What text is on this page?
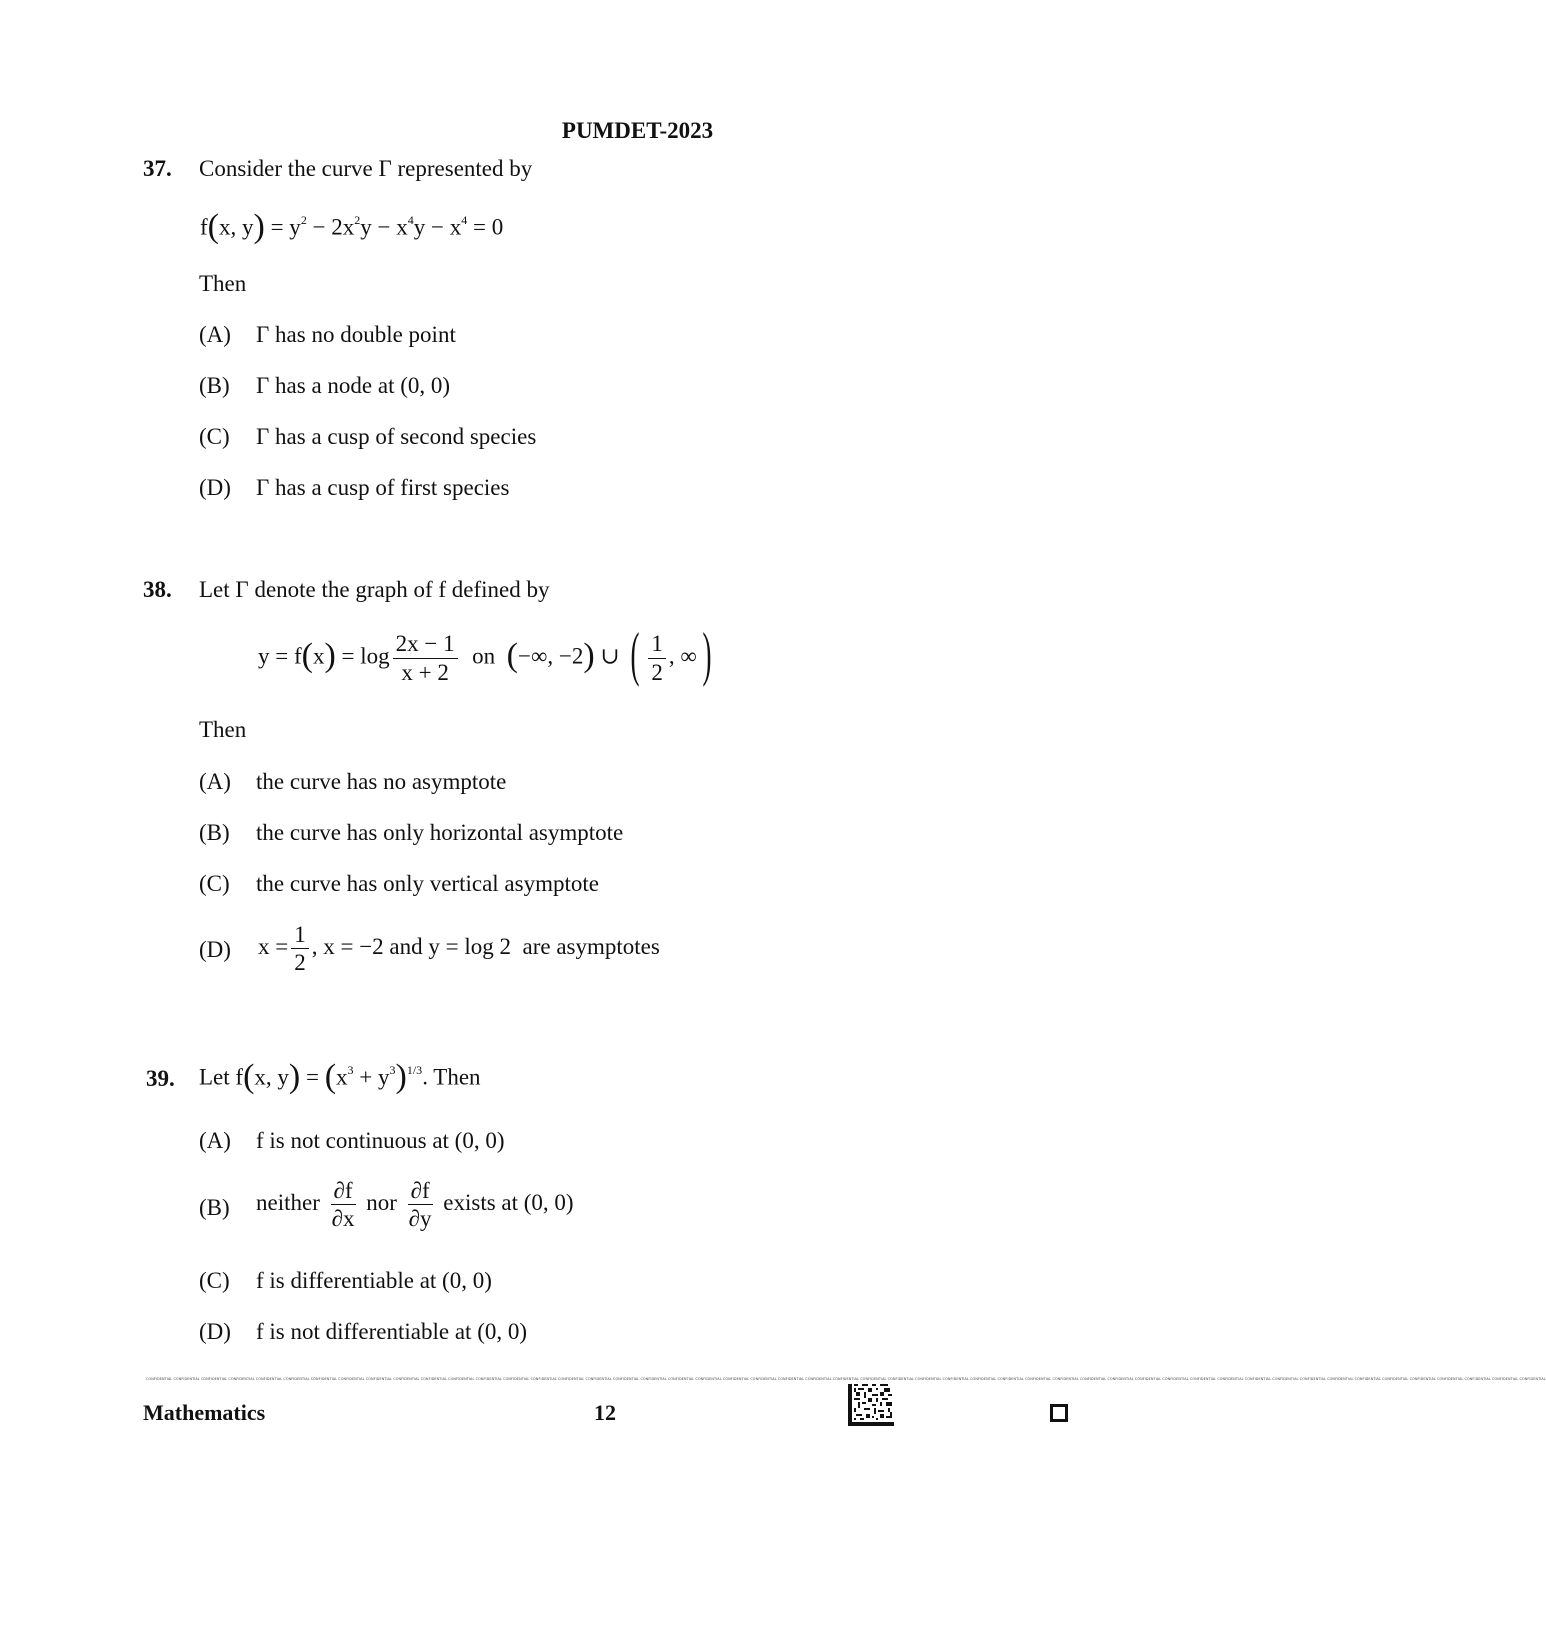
PUMDET-2023
37. Consider the curve Γ represented by
f(x, $y) = y^2 - 2x^2y - x^4y - x^4 = 0$
Then
(A) Γ has no double point
(B) Γ has a node at (0, 0)
(C) Γ has a cusp of second species
(D) Γ has a cusp of first species
38. Let Γ denote the graph of f defined by
$y = f(x) = \log \frac{2x - 1}{x + 2}$ on  (−∞, −2) ∪ ( $\frac{1}{2}$ , ∞)
Then
(A) the curve has no asymptote
(B) the curve has only horizontal asymptote
(C) the curve has only vertical asymptote
(D) $x = \frac{1}{2}$ , x = −2 and y = log 2  are asymptotes
39. Let f(x, $y) = (x^3 + y^3)^{1/3}$. Then
(A) f is not continuous at (0, 0)
(B) neither $\frac{\partial f}{\partial x}$ nor $\frac{\partial f}{\partial y}$ exists at (0, 0)
(C) f is differentiable at (0, 0)
(D) f is not differentiable at (0, 0)
CONFIDENTIAL CONFIDENTIAL CONFIDENTIAL CONFIDENTIAL CONFIDENTIAL CONFIDENTIAL CONFIDENTIAL CONFIDENTIAL CONFIDENTIAL CONFIDENTIAL CONFIDENTIAL CONFIDENTIAL CONFIDENTIAL CONFIDENTIAL CONFIDENTIAL CONFIDENTIAL CONFIDENTIAL CONFIDENTIAL CONFIDENTIAL CONFIDENTIAL CONFIDENTIAL CONFIDENTIAL CONFIDENTIAL CONFIDENTIAL CONFIDENTIAL CONFIDENTIAL CONFIDENTIAL CONFIDENTIAL CONFIDENTIAL CONFIDENTIAL CONFIDENTIAL CONFIDENTIAL CONFIDENTIAL CONFIDENTIAL CONFIDENTIAL CONFIDENTIAL CONFIDENTIAL CONFIDENTIAL CONFIDENTIAL CONFIDENTIAL CONFIDENTIAL CONFIDENTIAL CONFIDENTIAL CONFIDENTIAL CONFIDENTIAL CONFIDENTIAL CONFIDENTIAL CONFIDENTIAL CONFIDENTIAL CONFIDENTIAL CONFIDENTIAL
Mathematics	12
